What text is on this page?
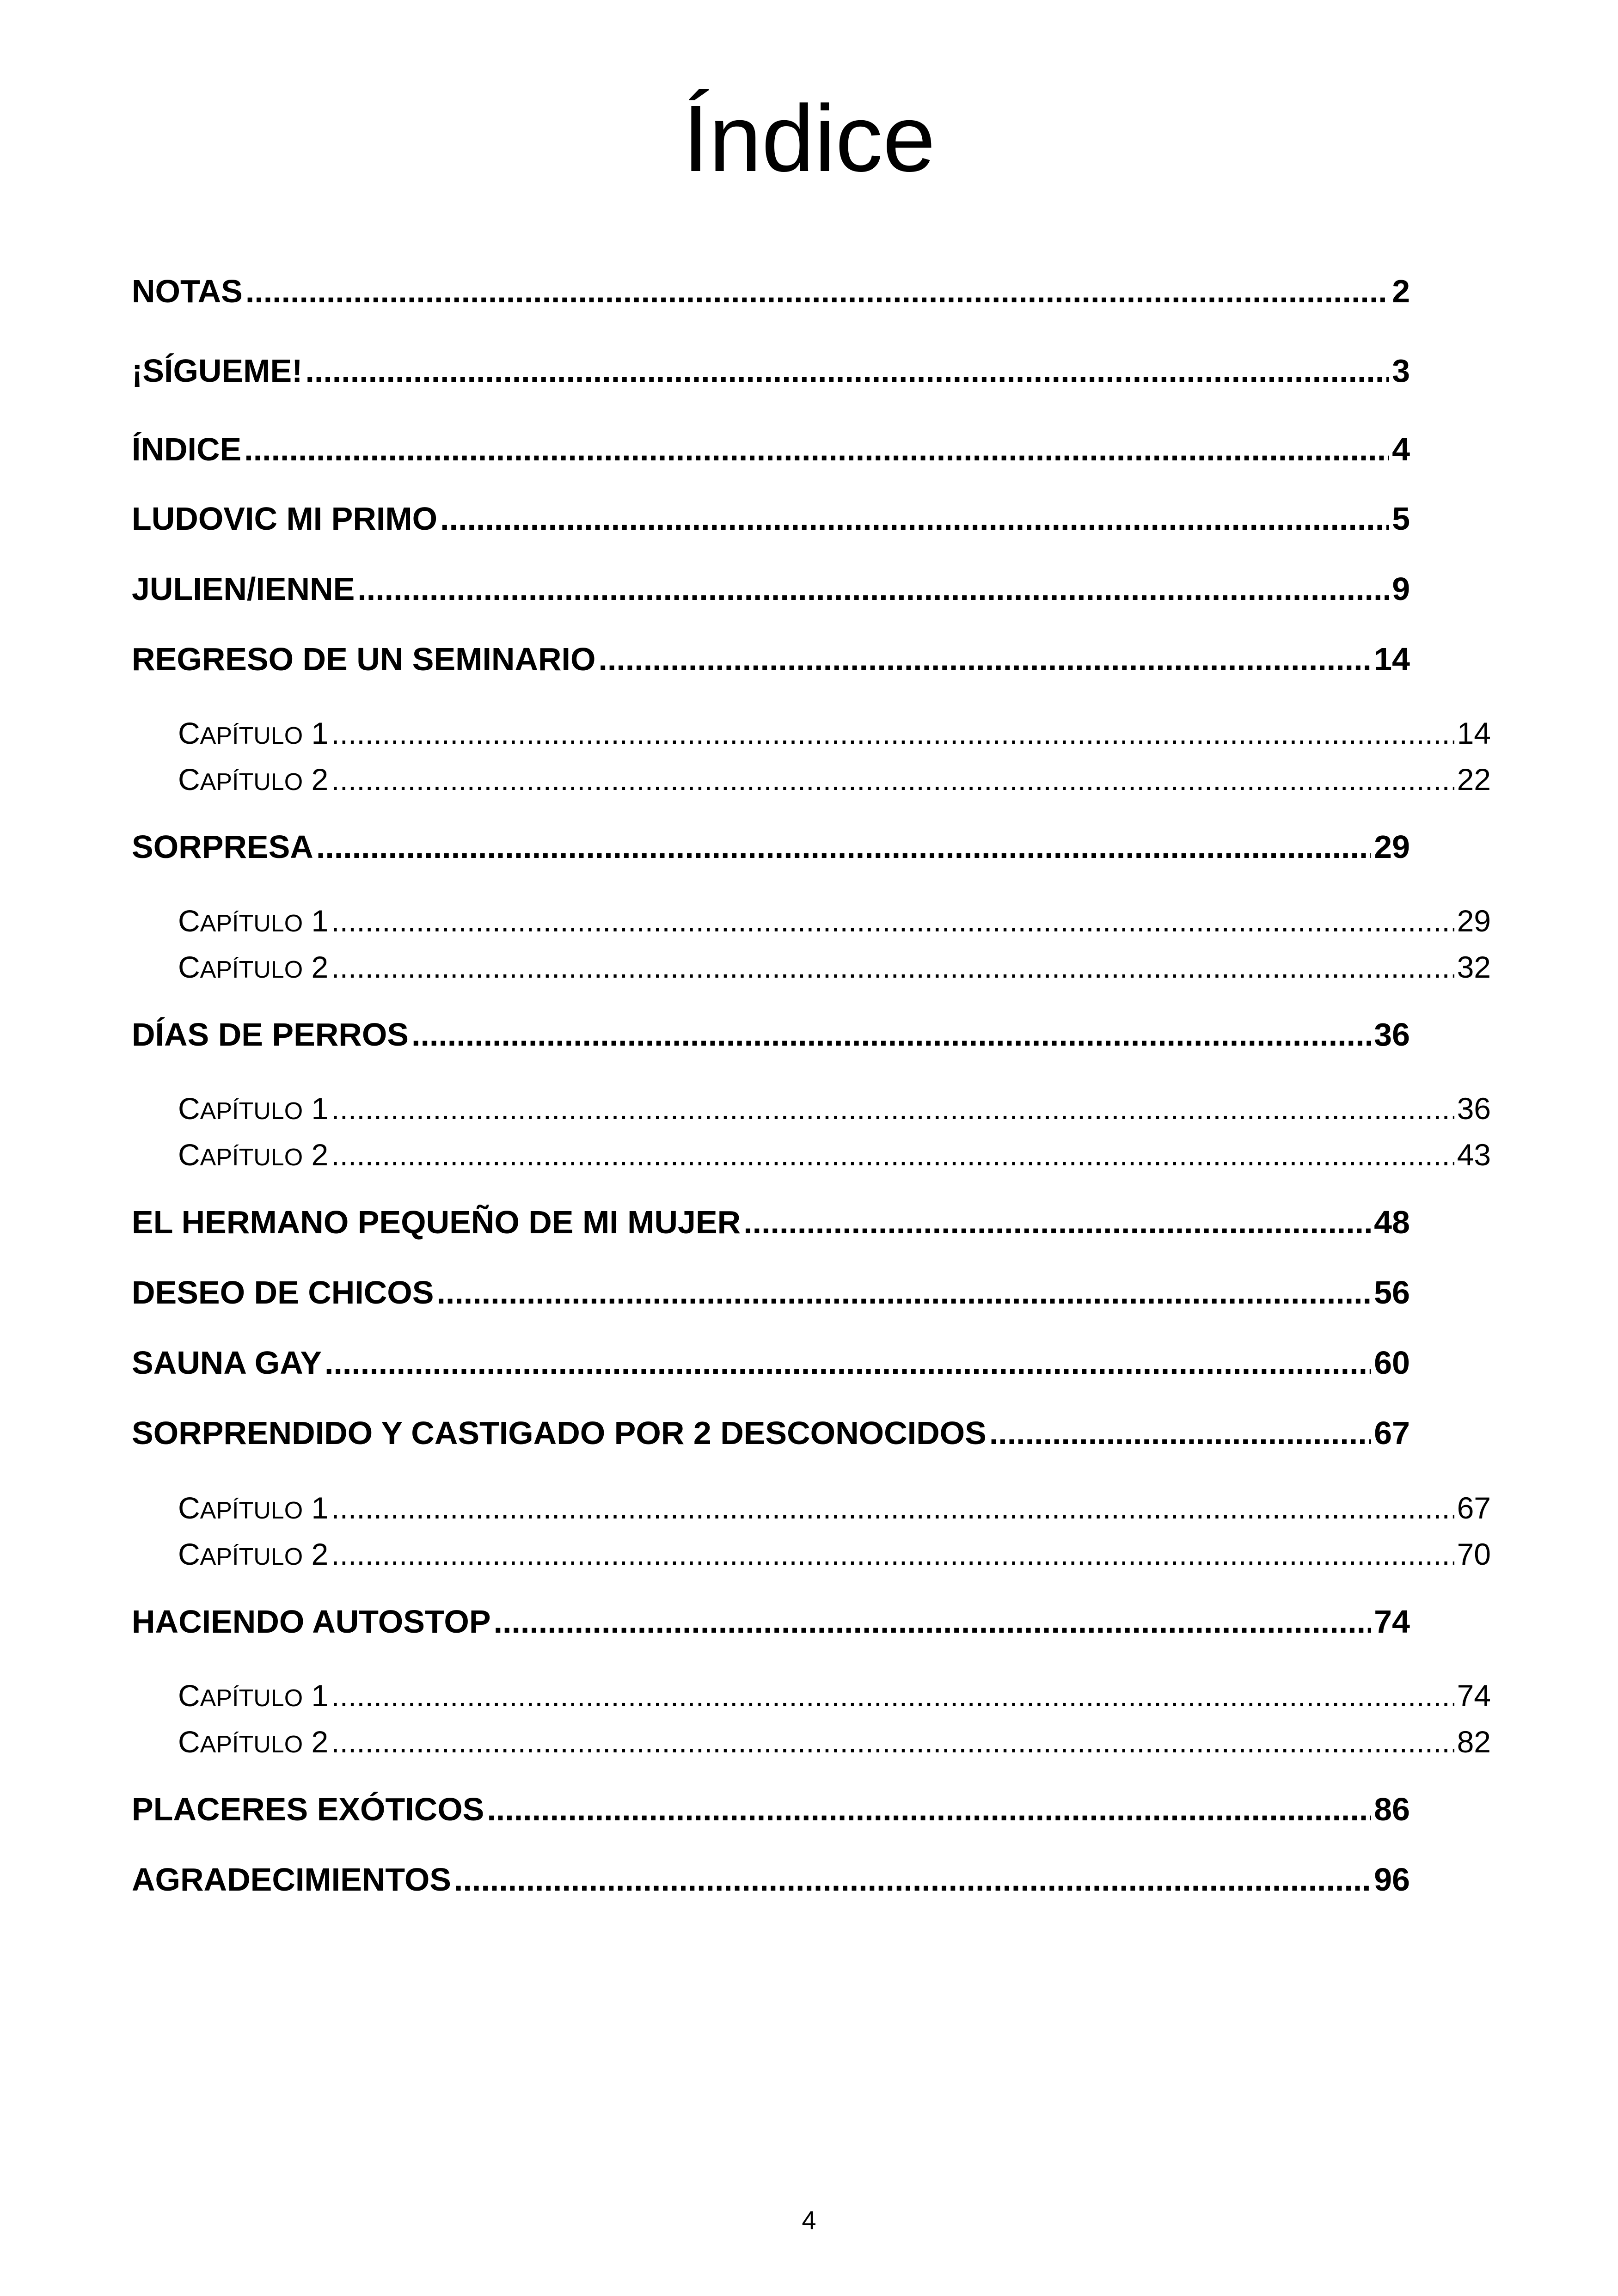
Índice
NOTAS .....	2
¡SÍGUEME! .....	3
ÍNDICE .....	4
LUDOVIC MI PRIMO .....	5
JULIEN/IENNE .....	9
REGRESO DE UN SEMINARIO .....	14
CAPÍTULO 1 .....	14
CAPÍTULO 2 .....	22
SORPRESA .....	29
CAPÍTULO 1 .....	29
CAPÍTULO 2 .....	32
DÍAS DE PERROS .....	36
CAPÍTULO 1 .....	36
CAPÍTULO 2 .....	43
EL HERMANO PEQUEÑO DE MI MUJER .....	48
DESEO DE CHICOS .....	56
SAUNA GAY .....	60
SORPRENDIDO Y CASTIGADO POR 2 DESCONOCIDOS .....	67
CAPÍTULO 1 .....	67
CAPÍTULO 2 .....	70
HACIENDO AUTOSTOP .....	74
CAPÍTULO 1 .....	74
CAPÍTULO 2 .....	82
PLACERES EXÓTICOS .....	86
AGRADECIMIENTOS .....	96
4
